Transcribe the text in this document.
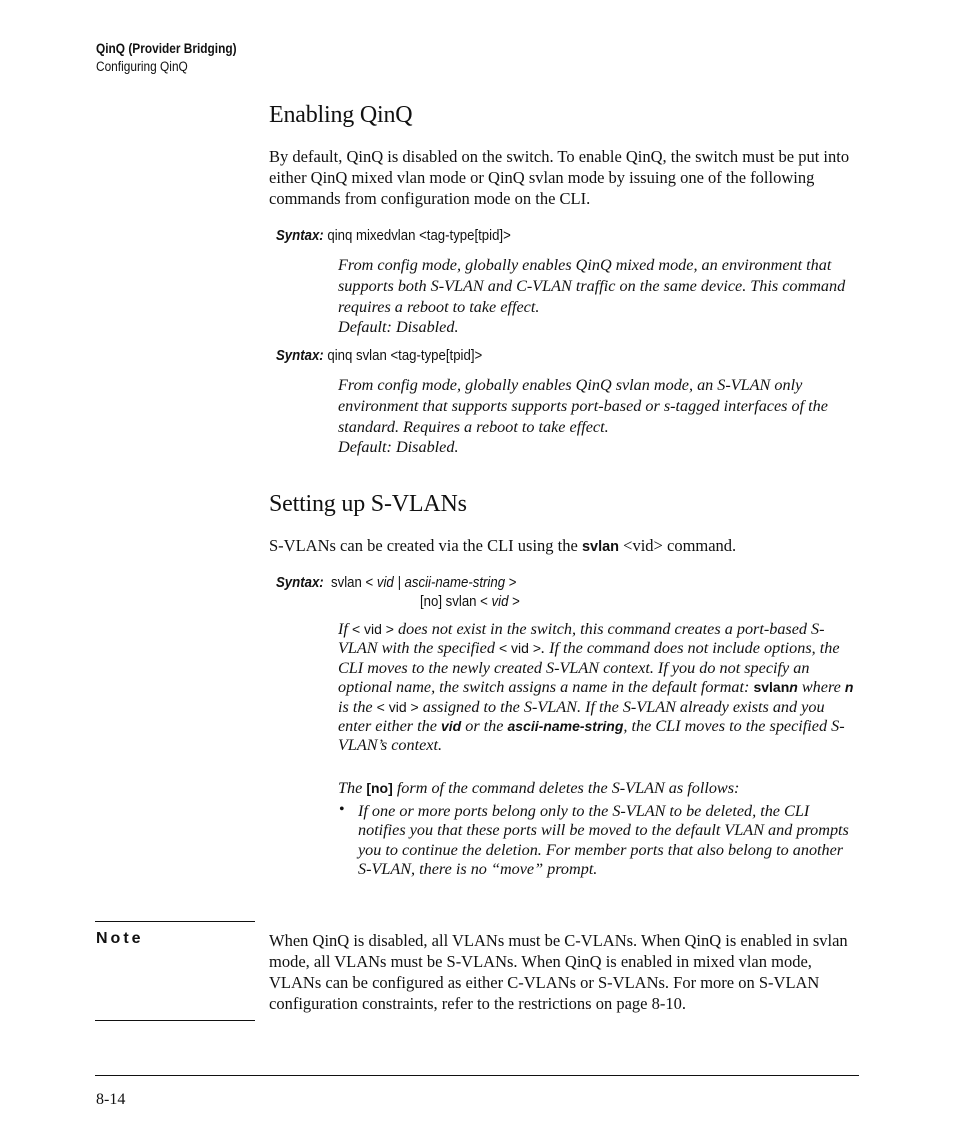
QinQ (Provider Bridging)
Configuring QinQ
Enabling QinQ

By default, QinQ is disabled on the switch. To enable QinQ, the switch must be put into either QinQ mixed vlan mode or QinQ svlan mode by issuing one of the following commands from configuration mode on the CLI.

Syntax: qinq mixedvlan <tag-type[tpid]>

From config mode, globally enables QinQ mixed mode, an environment that supports both S-VLAN and C-VLAN traffic on the same device. This command requires a reboot to take effect.

Default: Disabled.

Syntax: qinq svlan <tag-type[tpid]>

From config mode, globally enables QinQ svlan mode, an S-VLAN only environment that supports supports port-based or s-tagged interfaces of the standard. Requires a reboot to take effect.

Default: Disabled.

Setting up S-VLANs

S-VLANs can be created via the CLI using the svlan <vid> command.

Syntax: svlan < vid | ascii-name-string >
[no] svlan < vid >

If < vid > does not exist in the switch, this command creates a port-based S-VLAN with the specified < vid >. If the command does not include options, the CLI moves to the newly created S-VLAN context. If you do not specify an optional name, the switch assigns a name in the default format: svlann where n is the < vid > assigned to the S-VLAN. If the S-VLAN already exists and you enter either the vid or the ascii-name-string, the CLI moves to the specified S-VLAN’s context.

The [no] form of the command deletes the S-VLAN as follows:

• If one or more ports belong only to the S-VLAN to be deleted, the CLI notifies you that these ports will be moved to the default VLAN and prompts you to continue the deletion. For member ports that also belong to another S-VLAN, there is no “move” prompt.

Note	When QinQ is disabled, all VLANs must be C-VLANs. When QinQ is enabled in svlan mode, all VLANs must be S-VLANs. When QinQ is enabled in mixed vlan mode, VLANs can be configured as either C-VLANs or S-VLANs. For more on S-VLAN configuration constraints, refer to the restrictions on page 8-10.

8-14
